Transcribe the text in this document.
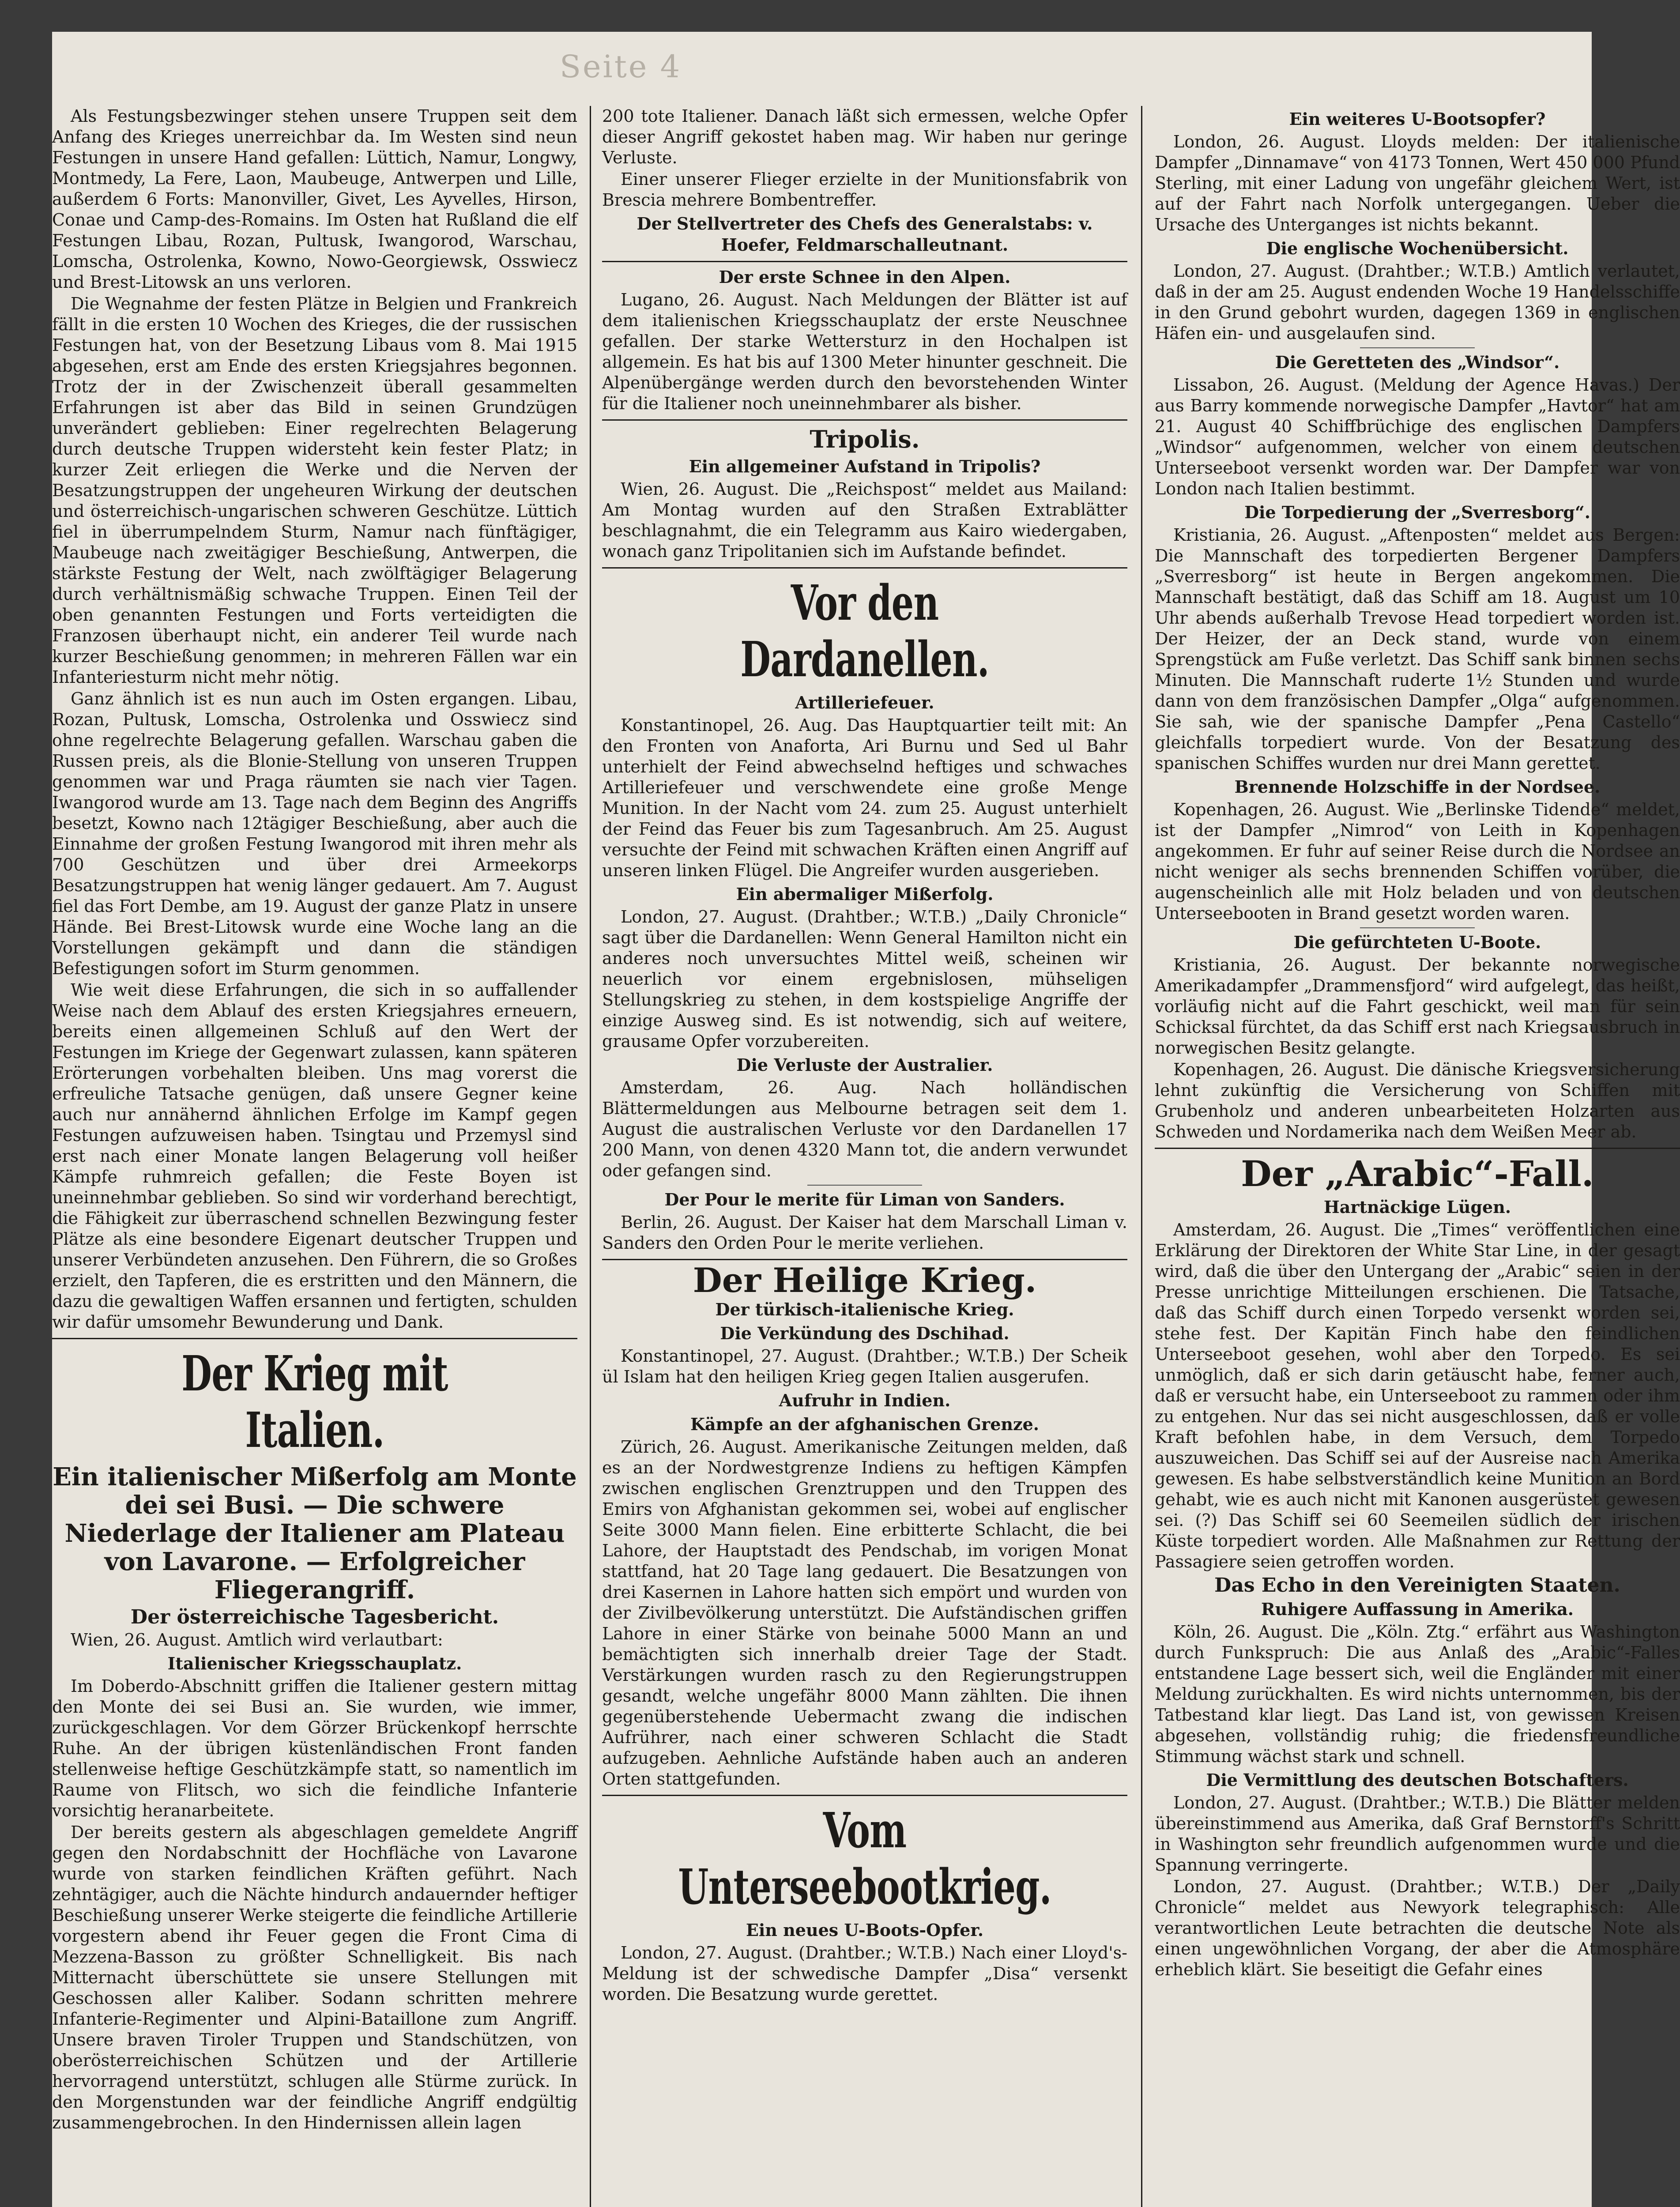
Seite 4

Als Festungsbezwinger stehen unsere Truppen seit dem Anfang des Krieges unerreichbar da. Im Westen sind neun Festungen in unsere Hand gefallen: Lüttich, Namur, Longwy, Montmedy, La Fere, Laon, Maubeuge, Antwerpen und Lille, außerdem 6 Forts: Manonviller, Givet, Les Ayvelles, Hirson, Conae und Camp-des-Romains. Im Osten hat Rußland die elf Festungen Libau, Rozan, Pultusk, Iwangorod, Warschau, Lomscha, Ostrolenka, Kowno, Nowo-Georgiewsk, Osswiecz und Brest-Litowsk an uns verloren.

Die Wegnahme der festen Plätze in Belgien und Frankreich fällt in die ersten 10 Wochen des Krieges, die der russischen Festungen hat, von der Besetzung Libaus vom 8. Mai 1915 abgesehen, erst am Ende des ersten Kriegsjahres begonnen. Trotz der in der Zwischenzeit überall gesammelten Erfahrungen ist aber das Bild in seinen Grundzügen unverändert geblieben: Einer regelrechten Belagerung durch deutsche Truppen widersteht kein fester Platz; in kurzer Zeit erliegen die Werke und die Nerven der Besatzungstruppen der ungeheuren Wirkung der deutschen und österreichisch-ungarischen schweren Geschütze. Lüttich fiel in überrumpelndem Sturm, Namur nach fünftägiger, Maubeuge nach zweitägiger Beschießung, Antwerpen, die stärkste Festung der Welt, nach zwölftägiger Belagerung durch verhältnismäßig schwache Truppen. Einen Teil der oben genannten Festungen und Forts verteidigten die Franzosen überhaupt nicht, ein anderer Teil wurde nach kurzer Beschießung genommen; in mehreren Fällen war ein Infanteriesturm nicht mehr nötig.

Ganz ähnlich ist es nun auch im Osten ergangen. Libau, Rozan, Pultusk, Lomscha, Ostrolenka und Osswiecz sind ohne regelrechte Belagerung gefallen. Warschau gaben die Russen preis, als die Blonie-Stellung von unseren Truppen genommen war und Praga räumten sie nach vier Tagen. Iwangorod wurde am 13. Tage nach dem Beginn des Angriffs besetzt, Kowno nach 12tägiger Beschießung, aber auch die Einnahme der großen Festung Iwangorod mit ihren mehr als 700 Geschützen und über drei Armeekorps Besatzungstruppen hat wenig länger gedauert. Am 7. August fiel das Fort Dembe, am 19. August der ganze Platz in unsere Hände. Bei Brest-Litowsk wurde eine Woche lang an die Vorstellungen gekämpft und dann die ständigen Befestigungen sofort im Sturm genommen.

Wie weit diese Erfahrungen, die sich in so auffallender Weise nach dem Ablauf des ersten Kriegsjahres erneuern, bereits einen allgemeinen Schluß auf den Wert der Festungen im Kriege der Gegenwart zulassen, kann späteren Erörterungen vorbehalten bleiben. Uns mag vorerst die erfreuliche Tatsache genügen, daß unsere Gegner keine auch nur annähernd ähnlichen Erfolge im Kampf gegen Festungen aufzuweisen haben. Tsingtau und Przemysl sind erst nach einer Monate langen Belagerung voll heißer Kämpfe ruhmreich gefallen; die Feste Boyen ist uneinnehmbar geblieben. So sind wir vorderhand berechtigt, die Fähigkeit zur überraschend schnellen Bezwingung fester Plätze als eine besondere Eigenart deutscher Truppen und unserer Verbündeten anzusehen. Den Führern, die so Großes erzielt, den Tapferen, die es erstritten und den Männern, die dazu die gewaltigen Waffen ersannen und fertigten, schulden wir dafür umsomehr Bewunderung und Dank.

Der Krieg mit Italien.
Ein italienischer Mißerfolg am Monte dei sei Busi. — Die schwere Niederlage der Italiener am Plateau von Lavarone. — Erfolgreicher Fliegerangriff.
Der österreichische Tagesbericht.

Wien, 26. August. Amtlich wird verlautbart:

Italienischer Kriegsschauplatz.

Im Doberdo-Abschnitt griffen die Italiener gestern mittag den Monte dei sei Busi an. Sie wurden, wie immer, zurückgeschlagen. Vor dem Görzer Brückenkopf herrschte Ruhe. An der übrigen küstenländischen Front fanden stellenweise heftige Geschützkämpfe statt, so namentlich im Raume von Flitsch, wo sich die feindliche Infanterie vorsichtig heranarbeitete.

Der bereits gestern als abgeschlagen gemeldete Angriff gegen den Nordabschnitt der Hochfläche von Lavarone wurde von starken feindlichen Kräften geführt. Nach zehntägiger, auch die Nächte hindurch andauernder heftiger Beschießung unserer Werke steigerte die feindliche Artillerie vorgestern abend ihr Feuer gegen die Front Cima di Mezzena-Basson zu größter Schnelligkeit. Bis nach Mitternacht überschüttete sie unsere Stellungen mit Geschossen aller Kaliber. Sodann schritten mehrere Infanterie-Regimenter und Alpini-Bataillone zum Angriff. Unsere braven Tiroler Truppen und Standschützen, von oberösterreichischen Schützen und der Artillerie hervorragend unterstützt, schlugen alle Stürme zurück. In den Morgenstunden war der feindliche Angriff endgültig zusammengebrochen. In den Hindernissen allein lagen

200 tote Italiener. Danach läßt sich ermessen, welche Opfer dieser Angriff gekostet haben mag. Wir haben nur geringe Verluste.

Einer unserer Flieger erzielte in der Munitionsfabrik von Brescia mehrere Bombentreffer.

Der Stellvertreter des Chefs des Generalstabs: v. Hoefer, Feldmarschalleutnant.
Der erste Schnee in den Alpen.

Lugano, 26. August. Nach Meldungen der Blätter ist auf dem italienischen Kriegsschauplatz der erste Neuschnee gefallen. Der starke Wettersturz in den Hochalpen ist allgemein. Es hat bis auf 1300 Meter hinunter geschneit. Die Alpenübergänge werden durch den bevorstehenden Winter für die Italiener noch uneinnehmbarer als bisher.

Tripolis.
Ein allgemeiner Aufstand in Tripolis?

Wien, 26. August. Die „Reichspost“ meldet aus Mailand: Am Montag wurden auf den Straßen Extrablätter beschlagnahmt, die ein Telegramm aus Kairo wiedergaben, wonach ganz Tripolitanien sich im Aufstande befindet.

Vor den Dardanellen.
Artilleriefeuer.

Konstantinopel, 26. Aug. Das Hauptquartier teilt mit: An den Fronten von Anaforta, Ari Burnu und Sed ul Bahr unterhielt der Feind abwechselnd heftiges und schwaches Artilleriefeuer und verschwendete eine große Menge Munition. In der Nacht vom 24. zum 25. August unterhielt der Feind das Feuer bis zum Tagesanbruch. Am 25. August versuchte der Feind mit schwachen Kräften einen Angriff auf unseren linken Flügel. Die Angreifer wurden ausgerieben.

Ein abermaliger Mißerfolg.

London, 27. August. (Drahtber.; W.T.B.) „Daily Chronicle“ sagt über die Dardanellen: Wenn General Hamilton nicht ein anderes noch unversuchtes Mittel weiß, scheinen wir neuerlich vor einem ergebnislosen, mühseligen Stellungskrieg zu stehen, in dem kostspielige Angriffe der einzige Ausweg sind. Es ist notwendig, sich auf weitere, grausame Opfer vorzubereiten.

Die Verluste der Australier.

Amsterdam, 26. Aug. Nach holländischen Blättermeldungen aus Melbourne betragen seit dem 1. August die australischen Verluste vor den Dardanellen 17 200 Mann, von denen 4320 Mann tot, die andern verwundet oder gefangen sind.

Der Pour le merite für Liman von Sanders.

Berlin, 26. August. Der Kaiser hat dem Marschall Liman v. Sanders den Orden Pour le merite verliehen.

Der Heilige Krieg.
Der türkisch-italienische Krieg.
Die Verkündung des Dschihad.

Konstantinopel, 27. August. (Drahtber.; W.T.B.) Der Scheik ül Islam hat den heiligen Krieg gegen Italien ausgerufen.

Aufruhr in Indien.
Kämpfe an der afghanischen Grenze.

Zürich, 26. August. Amerikanische Zeitungen melden, daß es an der Nordwestgrenze Indiens zu heftigen Kämpfen zwischen englischen Grenztruppen und den Truppen des Emirs von Afghanistan gekommen sei, wobei auf englischer Seite 3000 Mann fielen. Eine erbitterte Schlacht, die bei Lahore, der Hauptstadt des Pendschab, im vorigen Monat stattfand, hat 20 Tage lang gedauert. Die Besatzungen von drei Kasernen in Lahore hatten sich empört und wurden von der Zivilbevölkerung unterstützt. Die Aufständischen griffen Lahore in einer Stärke von beinahe 5000 Mann an und bemächtigten sich innerhalb dreier Tage der Stadt. Verstärkungen wurden rasch zu den Regierungstruppen gesandt, welche ungefähr 8000 Mann zählten. Die ihnen gegenüberstehende Uebermacht zwang die indischen Aufrührer, nach einer schweren Schlacht die Stadt aufzugeben. Aehnliche Aufstände haben auch an anderen Orten stattgefunden.

Vom Unterseebootkrieg.
Ein neues U-Boots-Opfer.

London, 27. August. (Drahtber.; W.T.B.) Nach einer Lloyd's-Meldung ist der schwedische Dampfer „Disa“ versenkt worden. Die Besatzung wurde gerettet.

Ein weiteres U-Bootsopfer?

London, 26. August. Lloyds melden: Der italienische Dampfer „Dinnamave“ von 4173 Tonnen, Wert 450 000 Pfund Sterling, mit einer Ladung von ungefähr gleichem Wert, ist auf der Fahrt nach Norfolk untergegangen. Ueber die Ursache des Unterganges ist nichts bekannt.

Die englische Wochenübersicht.

London, 27. August. (Drahtber.; W.T.B.) Amtlich verlautet, daß in der am 25. August endenden Woche 19 Handelsschiffe in den Grund gebohrt wurden, dagegen 1369 in englischen Häfen ein- und ausgelaufen sind.

Die Geretteten des „Windsor“.

Lissabon, 26. August. (Meldung der Agence Havas.) Der aus Barry kommende norwegische Dampfer „Havtor“ hat am 21. August 40 Schiffbrüchige des englischen Dampfers „Windsor“ aufgenommen, welcher von einem deutschen Unterseeboot versenkt worden war. Der Dampfer war von London nach Italien bestimmt.

Die Torpedierung der „Sverresborg“.

Kristiania, 26. August. „Aftenposten“ meldet aus Bergen: Die Mannschaft des torpedierten Bergener Dampfers „Sverresborg“ ist heute in Bergen angekommen. Die Mannschaft bestätigt, daß das Schiff am 18. August um 10 Uhr abends außerhalb Trevose Head torpediert worden ist. Der Heizer, der an Deck stand, wurde von einem Sprengstück am Fuße verletzt. Das Schiff sank binnen sechs Minuten. Die Mannschaft ruderte 1½ Stunden und wurde dann von dem französischen Dampfer „Olga“ aufgenommen. Sie sah, wie der spanische Dampfer „Pena Castello“ gleichfalls torpediert wurde. Von der Besatzung des spanischen Schiffes wurden nur drei Mann gerettet.

Brennende Holzschiffe in der Nordsee.

Kopenhagen, 26. August. Wie „Berlinske Tidende“ meldet, ist der Dampfer „Nimrod“ von Leith in Kopenhagen angekommen. Er fuhr auf seiner Reise durch die Nordsee an nicht weniger als sechs brennenden Schiffen vorüber, die augenscheinlich alle mit Holz beladen und von deutschen Unterseebooten in Brand gesetzt worden waren.

Die gefürchteten U-Boote.

Kristiania, 26. August. Der bekannte norwegische Amerikadampfer „Drammensfjord“ wird aufgelegt, das heißt, vorläufig nicht auf die Fahrt geschickt, weil man für sein Schicksal fürchtet, da das Schiff erst nach Kriegsausbruch in norwegischen Besitz gelangte.

Kopenhagen, 26. August. Die dänische Kriegsversicherung lehnt zukünftig die Versicherung von Schiffen mit Grubenholz und anderen unbearbeiteten Holzarten aus Schweden und Nordamerika nach dem Weißen Meer ab.

Der „Arabic“-Fall.
Hartnäckige Lügen.

Amsterdam, 26. August. Die „Times“ veröffentlichen eine Erklärung der Direktoren der White Star Line, in der gesagt wird, daß die über den Untergang der „Arabic“ seien in der Presse unrichtige Mitteilungen erschienen. Die Tatsache, daß das Schiff durch einen Torpedo versenkt worden sei, stehe fest. Der Kapitän Finch habe den feindlichen Unterseeboot gesehen, wohl aber den Torpedo. Es sei unmöglich, daß er sich darin getäuscht habe, ferner auch, daß er versucht habe, ein Unterseeboot zu rammen oder ihm zu entgehen. Nur das sei nicht ausgeschlossen, daß er volle Kraft befohlen habe, in dem Versuch, dem Torpedo auszuweichen. Das Schiff sei auf der Ausreise nach Amerika gewesen. Es habe selbstverständlich keine Munition an Bord gehabt, wie es auch nicht mit Kanonen ausgerüstet gewesen sei. (?) Das Schiff sei 60 Seemeilen südlich der irischen Küste torpediert worden. Alle Maßnahmen zur Rettung der Passagiere seien getroffen worden.

Das Echo in den Vereinigten Staaten.
Ruhigere Auffassung in Amerika.

Köln, 26. August. Die „Köln. Ztg.“ erfährt aus Washington durch Funkspruch: Die aus Anlaß des „Arabic“-Falles entstandene Lage bessert sich, weil die Engländer mit einer Meldung zurückhalten. Es wird nichts unternommen, bis der Tatbestand klar liegt. Das Land ist, von gewissen Kreisen abgesehen, vollständig ruhig; die friedensfreundliche Stimmung wächst stark und schnell.

Die Vermittlung des deutschen Botschafters.

London, 27. August. (Drahtber.; W.T.B.) Die Blätter melden übereinstimmend aus Amerika, daß Graf Bernstorff's Schritt in Washington sehr freundlich aufgenommen wurde und die Spannung verringerte.

London, 27. August. (Drahtber.; W.T.B.) Der „Daily Chronicle“ meldet aus Newyork telegraphisch: Alle verantwortlichen Leute betrachten die deutsche Note als einen ungewöhnlichen Vorgang, der aber die Atmosphäre erheblich klärt. Sie beseitigt die Gefahr eines
